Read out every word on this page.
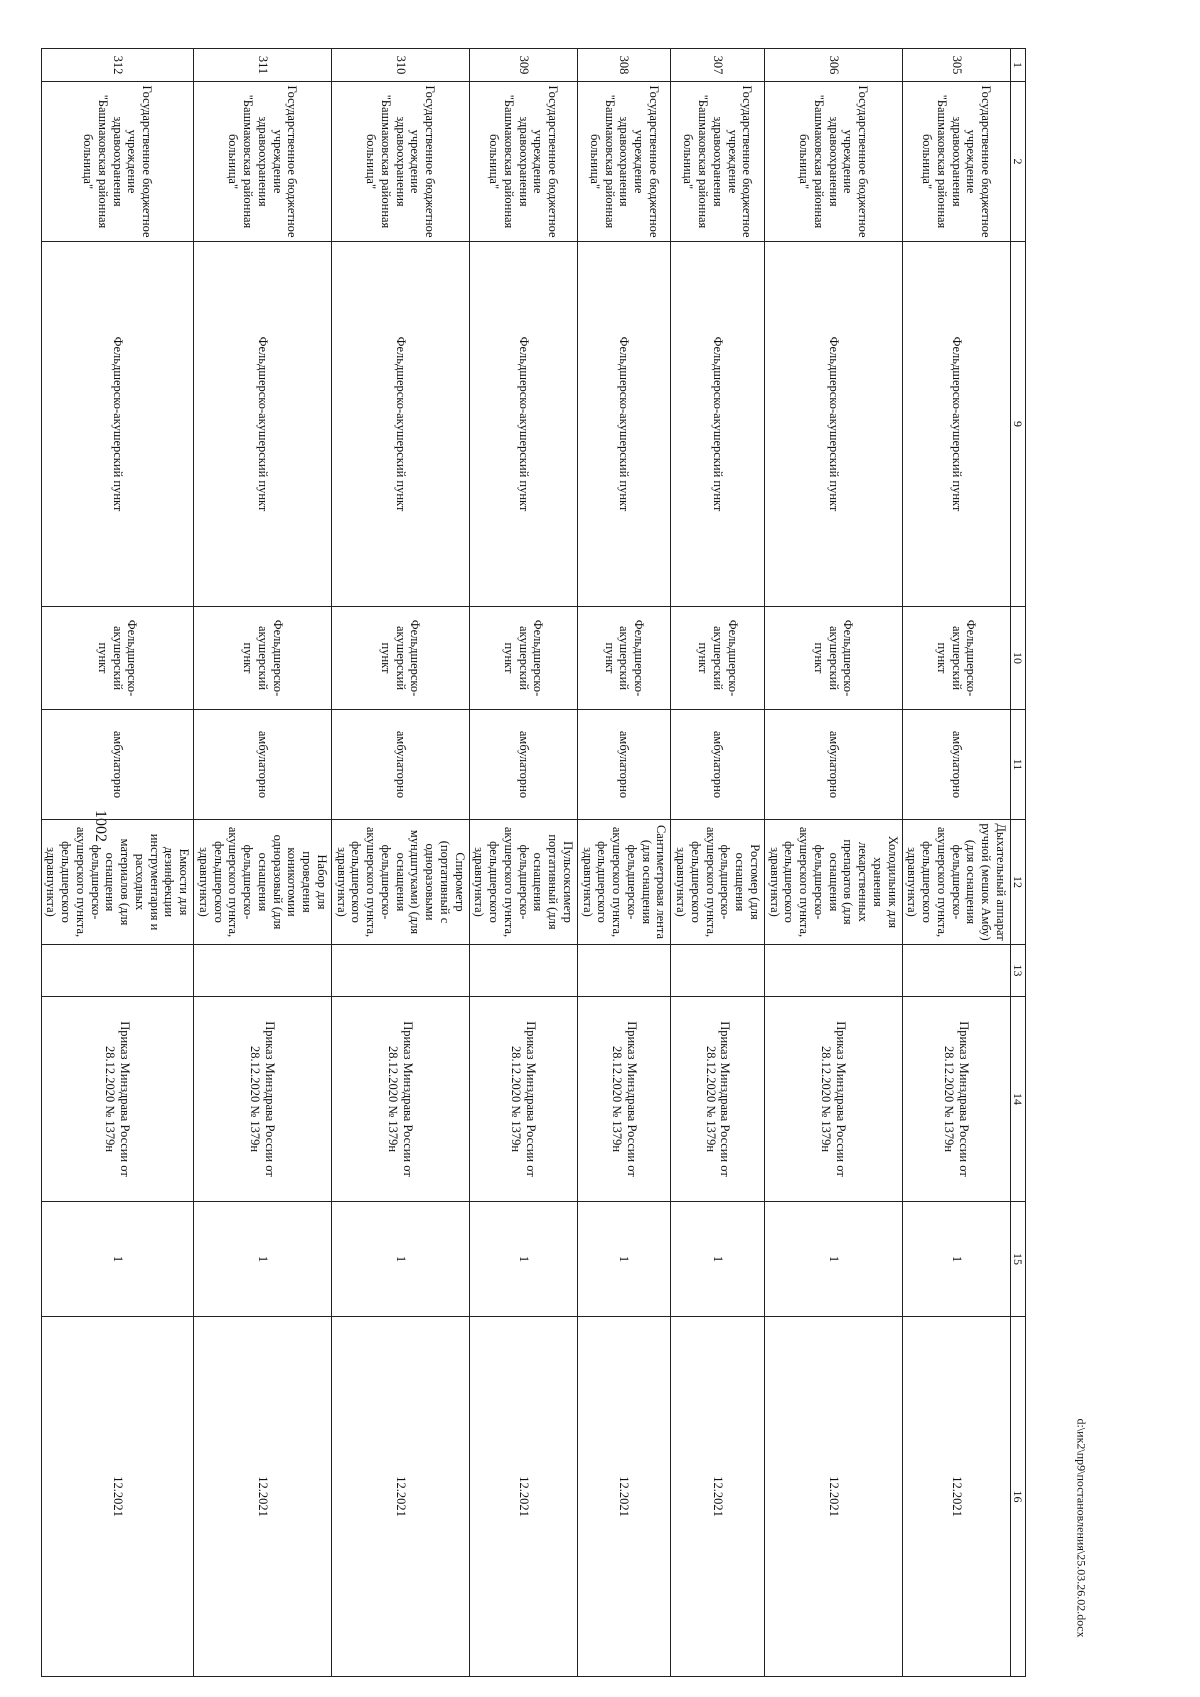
1002
1	2	9	10	11	12	13	14	15	16
305	Государственное бюджетное учреждение здравоохранения "Башмаковская районная больница"	Фельдшерско-акушерский пункт	Фельдшерско-акушерский пункт	амбулаторно	Дыхательный аппарат ручной (мешок Амбу) (для оснащения фельдшерско-акушерского пункта, фельдшерского здравпункта)		Приказ Минздрава России от 28.12.2020 № 1379н	1	12.2021
306	Государственное бюджетное учреждение здравоохранения "Башмаковская районная больница"	Фельдшерско-акушерский пункт	Фельдшерско-акушерский пункт	амбулаторно	Холодильник для хранения лекарственных препаратов (для оснащения фельдшерско-акушерского пункта, фельдшерского здравпункта)		Приказ Минздрава России от 28.12.2020 № 1379н	1	12.2021
307	Государственное бюджетное учреждение здравоохранения "Башмаковская районная больница"	Фельдшерско-акушерский пункт	Фельдшерско-акушерский пункт	амбулаторно	Ростомер (для оснащения фельдшерско-акушерского пункта, фельдшерского здравпункта)		Приказ Минздрава России от 28.12.2020 № 1379н	1	12.2021
308	Государственное бюджетное учреждение здравоохранения "Башмаковская районная больница"	Фельдшерско-акушерский пункт	Фельдшерско-акушерский пункт	амбулаторно	Сантиметровая лента (для оснащения фельдшерско-акушерского пункта, фельдшерского здравпункта)		Приказ Минздрава России от 28.12.2020 № 1379н	1	12.2021
309	Государственное бюджетное учреждение здравоохранения "Башмаковская районная больница"	Фельдшерско-акушерский пункт	Фельдшерско-акушерский пункт	амбулаторно	Пульсоксиметр портативный (для оснащения фельдшерско-акушерского пункта, фельдшерского здравпункта)		Приказ Минздрава России от 28.12.2020 № 1379н	1	12.2021
310	Государственное бюджетное учреждение здравоохранения "Башмаковская районная больница"	Фельдшерско-акушерский пункт	Фельдшерско-акушерский пункт	амбулаторно	Спирометр (портативный с одноразовыми мундштуками) (для оснащения фельдшерско-акушерского пункта, фельдшерского здравпункта)		Приказ Минздрава России от 28.12.2020 № 1379н	1	12.2021
311	Государственное бюджетное учреждение здравоохранения "Башмаковская районная больница"	Фельдшерско-акушерский пункт	Фельдшерско-акушерский пункт	амбулаторно	Набор для проведения коникотомии одноразовый (для оснащения фельдшерско-акушерского пункта, фельдшерского здравпункта)		Приказ Минздрава России от 28.12.2020 № 1379н	1	12.2021
312	Государственное бюджетное учреждение здравоохранения "Башмаковская районная больница"	Фельдшерско-акушерский пункт	Фельдшерско-акушерский пункт	амбулаторно	Емкости для дезинфекции инструментария и расходных материалов (для оснащения фельдшерско-акушерского пункта, фельдшерского здравпункта)		Приказ Минздрава России от 28.12.2020 № 1379н	1	12.2021	d:\ик2\пр9\постановления\25.03.26.02.docx
